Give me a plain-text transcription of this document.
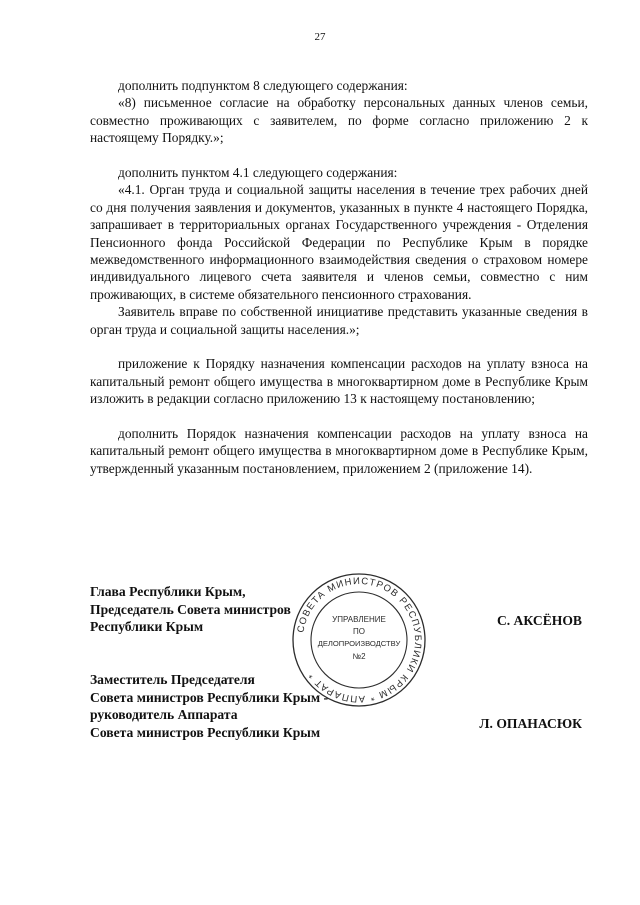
27

дополнить подпунктом 8 следующего содержания:

«8) письменное согласие на обработку персональных данных членов семьи, совместно проживающих с заявителем, по форме согласно приложению 2 к настоящему Порядку.»;

дополнить пунктом 4.1 следующего содержания:

«4.1. Орган труда и социальной защиты населения в течение трех рабочих дней со дня получения заявления и документов, указанных в пункте 4 настоящего Порядка, запрашивает в территориальных органах Государственного учреждения - Отделения Пенсионного фонда Российской Федерации по Республике Крым в порядке межведомственного информационного взаимодействия сведения о страховом номере индивидуального лицевого счета заявителя и членов семьи, совместно с ним проживающих, в системе обязательного пенсионного страхования.

Заявитель вправе по собственной инициативе представить указанные сведения в орган труда и социальной защиты населения.»;

приложение к Порядку назначения компенсации расходов на уплату взноса на капитальный ремонт общего имущества в многоквартирном доме в Республике Крым изложить в редакции согласно приложению 13 к настоящему постановлению;

дополнить Порядок назначения компенсации расходов на уплату взноса на капитальный ремонт общего имущества в многоквартирном доме в Республике Крым, утвержденный указанным постановлением, приложением 2 (приложение 14).

Глава Республики Крым,
Председатель Совета министров
Республики Крым	С. АКСЁНОВ
Заместитель Председателя
Совета министров Республики Крым -
руководитель Аппарата
Совета министров Республики Крым
Л. ОПАНАСЮК
СОВЕТА МИНИСТРОВ РЕСПУБЛИКИ КРЫМ * АППАРАТ *
УПРАВЛЕНИЕ
ПО
ДЕЛОПРОИЗВОДСТВУ
№2
